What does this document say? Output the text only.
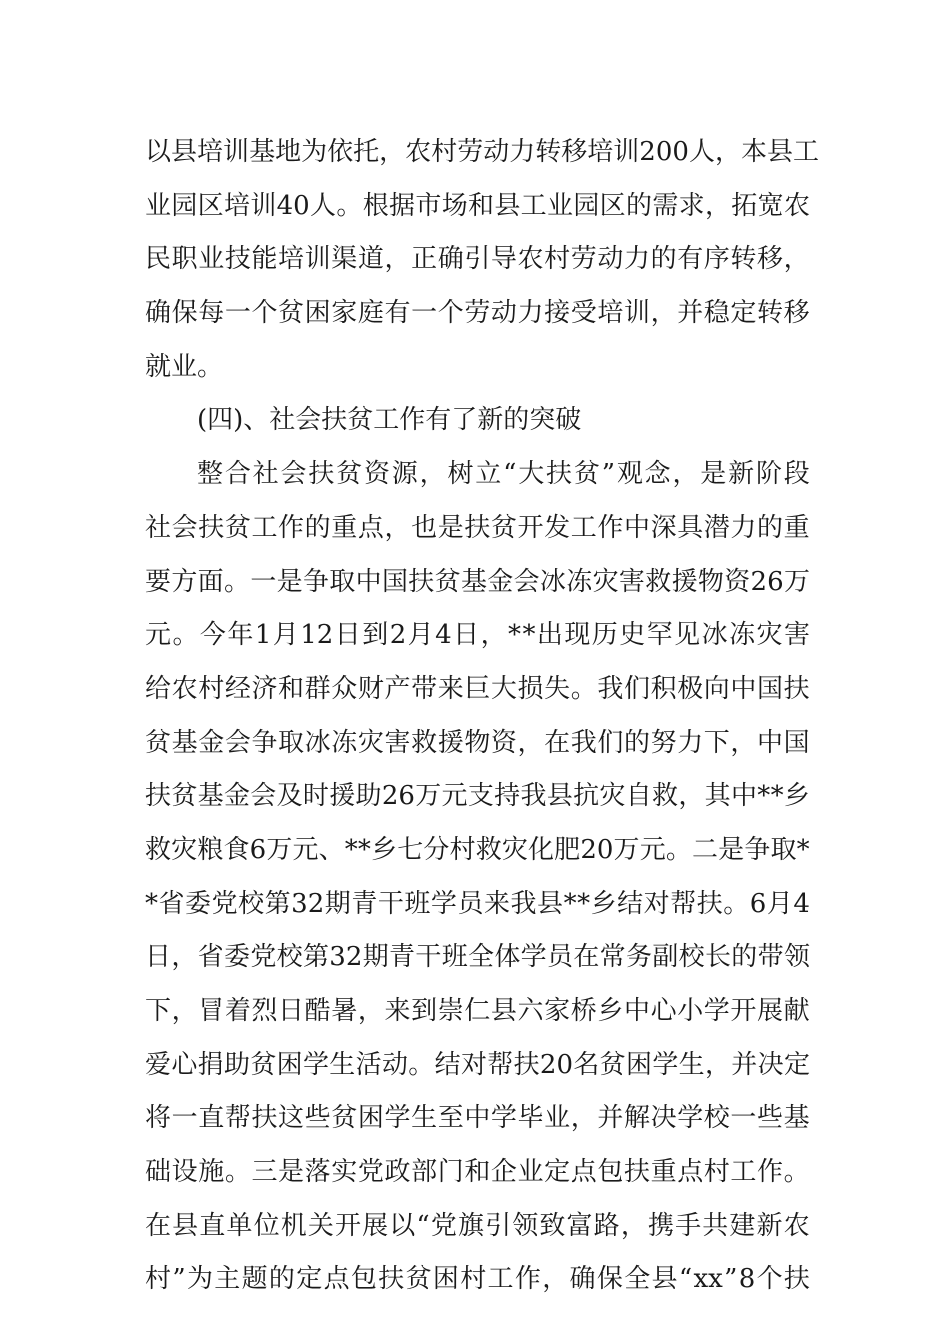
以 县 培 训 基 地 为 依 托 ， 农 村 劳 动 力 转 移 培 训 200 人 ， 本 县 工
业 园 区 培 训 40 人 。 根 据 市 场 和 县 工 业 园 区 的 需 求 ， 拓 宽 农
民 职 业 技 能 培 训 渠 道 ， 正 确 引 导 农 村 劳 动 力 的 有 序 转 移 ，
确 保 每 一 个 贫 困 家 庭 有 一 个 劳 动 力 接 受 培 训 ， 并 稳 定 转 移
就业。
(四)、社会扶贫工作有了新的突破
整 合 社 会 扶 贫 资 源 ， 树 立 “ 大 扶 贫 ” 观 念 ， 是 新 阶 段
社 会 扶 贫 工 作 的 重 点 ， 也 是 扶 贫 开 发 工 作 中 深 具 潜 力 的 重
要 方 面 。 一 是 争 取 中 国 扶 贫 基 金 会 冰 冻 灾 害 救 援 物 资 26 万
元 。 今 年 1 月 12 日 到 2 月 4 日 ， * * 出 现 历 史 罕 见 冰 冻 灾 害
给 农 村 经 济 和 群 众 财 产 带 来 巨 大 损 失 。 我 们 积 极 向 中 国 扶
贫 基 金 会 争 取 冰 冻 灾 害 救 援 物 资 ， 在 我 们 的 努 力 下 ， 中 国
扶 贫 基 金 会 及 时 援 助 26 万 元 支 持 我 县 抗 灾 自 救 ， 其 中 * * 乡
救 灾 粮 食 6 万 元 、 * * 乡 七 分 村 救 灾 化 肥 20 万 元 。 二 是 争 取 *
* 省 委 党 校 第 32 期 青 干 班 学 员 来 我 县 * * 乡 结 对 帮 扶 。 6 月 4
日 ， 省 委 党 校 第 32 期 青 干 班 全 体 学 员 在 常 务 副 校 长 的 带 领
下 ， 冒 着 烈 日 酷 暑 ， 来 到 崇 仁 县 六 家 桥 乡 中 心 小 学 开 展 献
爱 心 捐 助 贫 困 学 生 活 动 。 结 对 帮 扶 20 名 贫 困 学 生 ， 并 决 定
将 一 直 帮 扶 这 些 贫 困 学 生 至 中 学 毕 业 ， 并 解 决 学 校 一 些 基
础 设 施 。 三 是 落 实 党 政 部 门 和 企 业 定 点 包 扶 重 点 村 工 作 。
在 县 直 单 位 机 关 开 展 以 “ 党 旗 引 领 致 富 路 ， 携 手 共 建 新 农
村 ” 为 主 题 的 定 点 包 扶 贫 困 村 工 作 ， 确 保 全 县 “ xx ” 8 个 扶
